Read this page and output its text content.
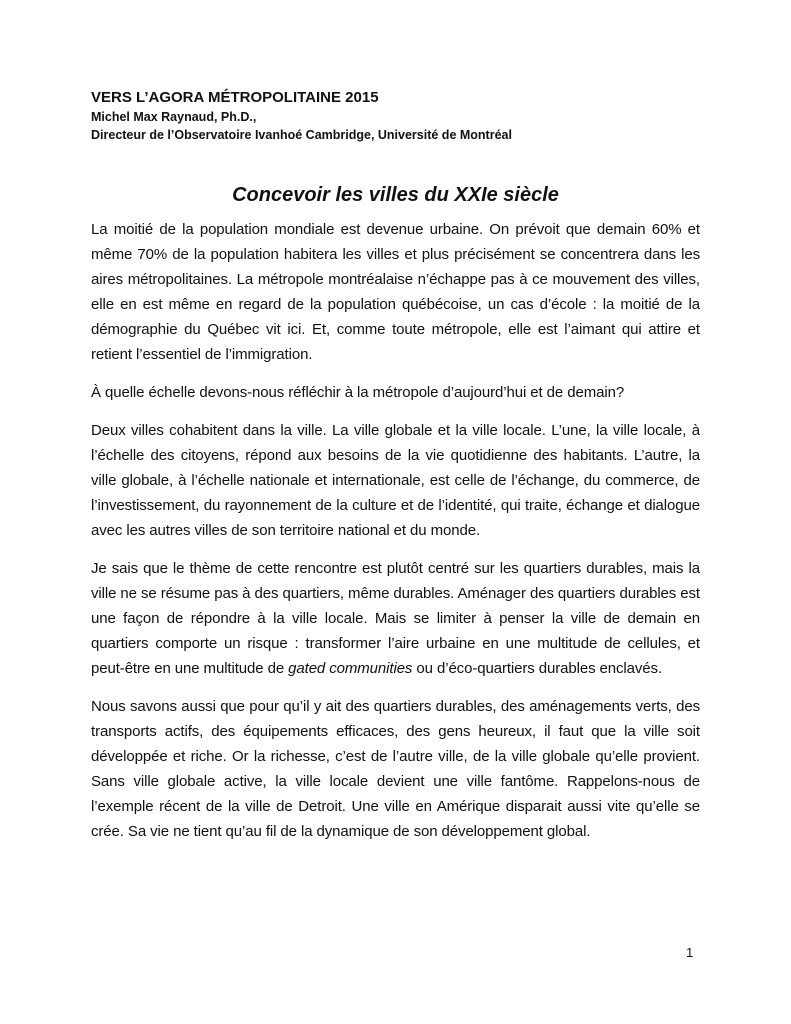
VERS L’AGORA MÉTROPOLITAINE 2015

Michel Max Raynaud, Ph.D.,

Directeur de l’Observatoire Ivanhoé Cambridge, Université de Montréal

Concevoir les villes du XXIe siècle

La moitié de la population mondiale est devenue urbaine. On prévoit que demain 60% et même 70% de la population habitera les villes et plus précisément se concentrera dans les aires métropolitaines. La métropole montréalaise n’échappe pas à ce mouvement des villes, elle en est même en regard de la population québécoise, un cas d’école : la moitié de la démographie du Québec vit ici. Et, comme toute métropole, elle est l’aimant qui attire et retient l’essentiel de l’immigration.

À quelle échelle devons-nous réfléchir à la métropole d’aujourd’hui et de demain?

Deux villes cohabitent dans la ville. La ville globale et la ville locale. L’une, la ville locale, à l’échelle des citoyens, répond aux besoins de la vie quotidienne des habitants. L’autre, la ville globale, à l’échelle nationale et internationale, est celle de l’échange, du commerce, de l’investissement, du rayonnement de la culture et de l’identité, qui traite, échange et dialogue avec les autres villes de son territoire national et du monde.

Je sais que le thème de cette rencontre est plutôt centré sur les quartiers durables, mais la ville ne se résume pas à des quartiers, même durables. Aménager des quartiers durables est une façon de répondre à la ville locale. Mais se limiter à penser la ville de demain en quartiers comporte un risque : transformer l’aire urbaine en une multitude de cellules, et peut-être en une multitude de gated communities ou d’éco-quartiers durables enclavés.

Nous savons aussi que pour qu’il y ait des quartiers durables, des aménagements verts, des transports actifs, des équipements efficaces, des gens heureux, il faut que la ville soit développée et riche. Or la richesse, c’est de l’autre ville, de la ville globale qu’elle provient. Sans ville globale active, la ville locale devient une ville fantôme. Rappelons-nous de l’exemple récent de la ville de Detroit. Une ville en Amérique disparait aussi vite qu’elle se crée. Sa vie ne tient qu’au fil de la dynamique de son développement global.

1
